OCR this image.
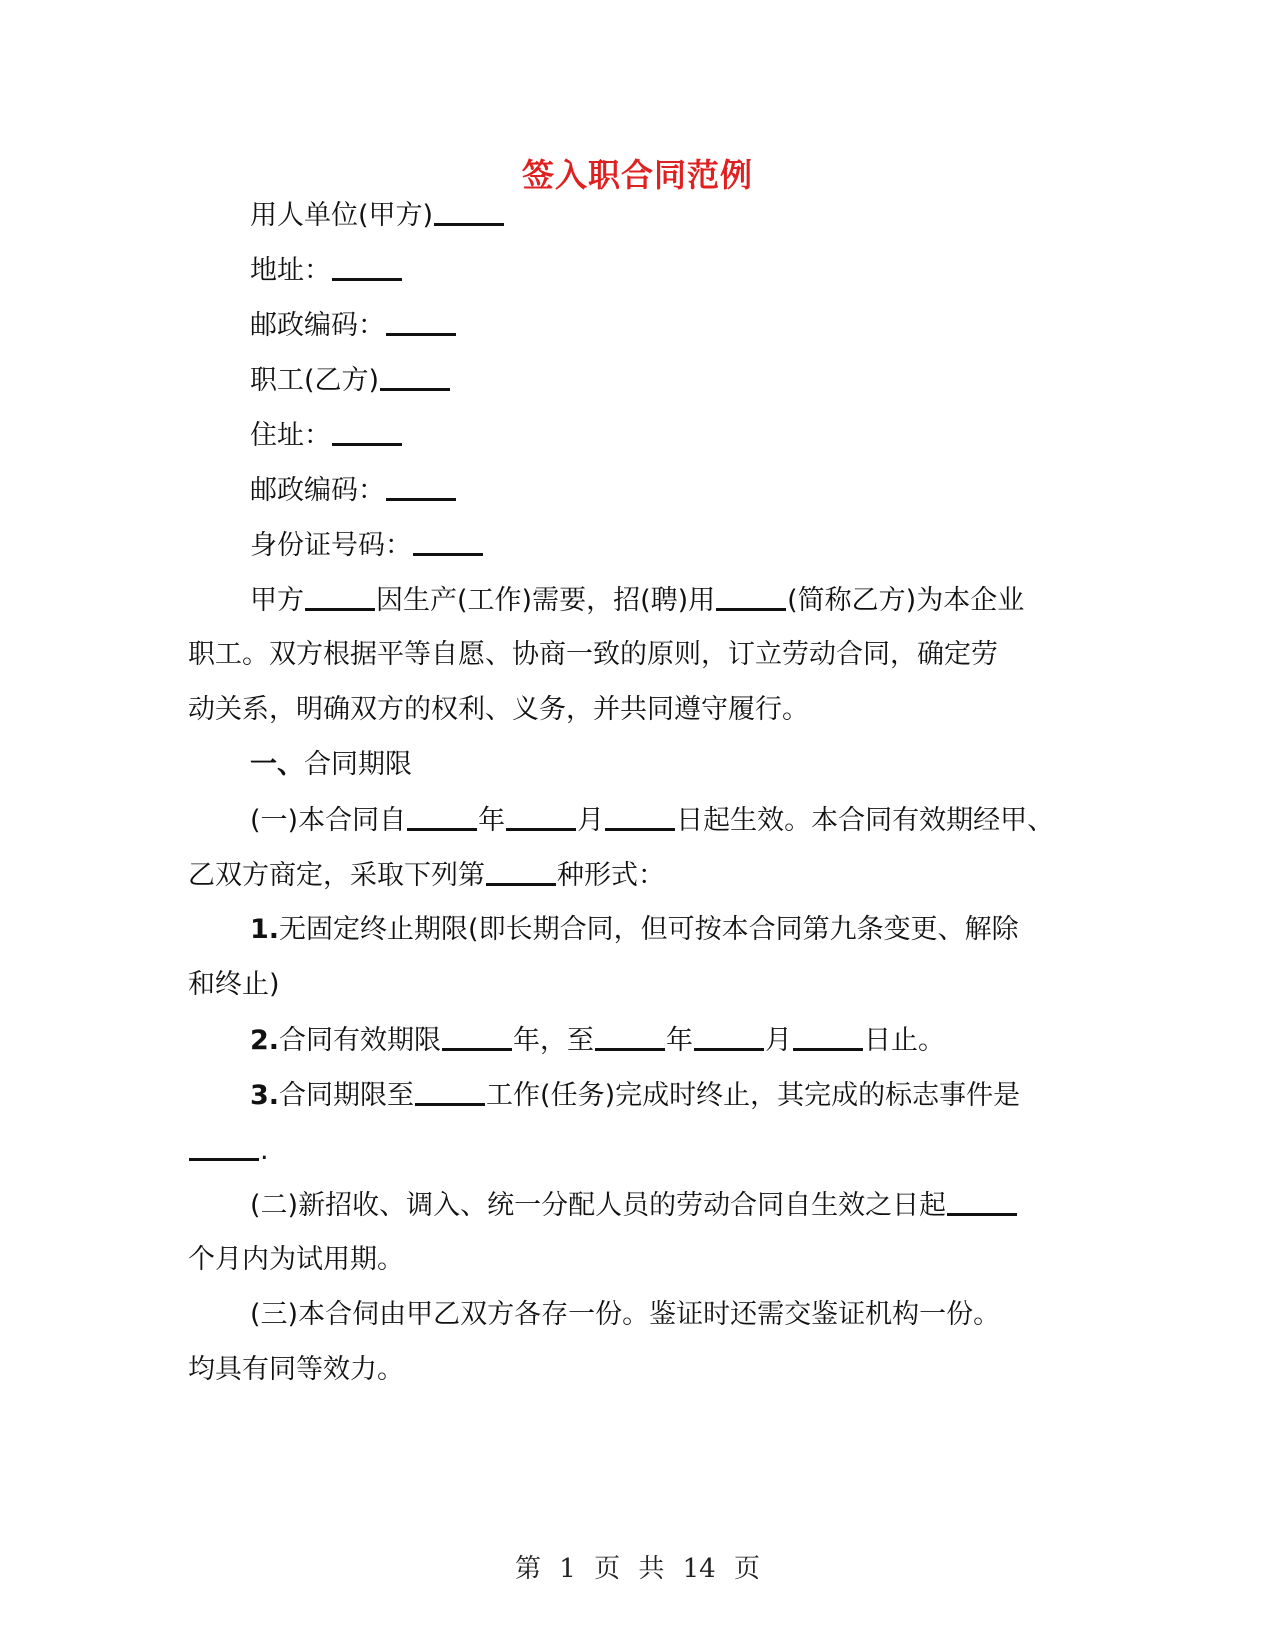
签入职合同范例
用人单位(甲方)
地址：
邮政编码：
职工(乙方)
住址：
邮政编码：
身份证号码：
甲方	因生产(工作)需要，招(聘)用	(简称乙方)为本企业
职工。双方根据平等自愿、协商一致的原则，订立劳动合同，确定劳
动关系，明确双方的权利、义务，并共同遵守履行。
一、合同期限
(一)本合同自	年	月	日起生效。本合同有效期经甲、
乙双方商定，采取下列第	种形式：
1.无固定终止期限(即长期合同，但可按本合同第九条变更、解除
和终止)
2.合同有效期限	年，至	年	月	日止。
3.合同期限至	工作(任务)完成时终止，其完成的标志事件是
.
(二)新招收、调入、统一分配人员的劳动合同自生效之日起
个月内为试用期。
(三)本合伺由甲乙双方各存一份。鉴证时还需交鉴证机构一份。
均具有同等效力。
第 1 页 共 14 页
